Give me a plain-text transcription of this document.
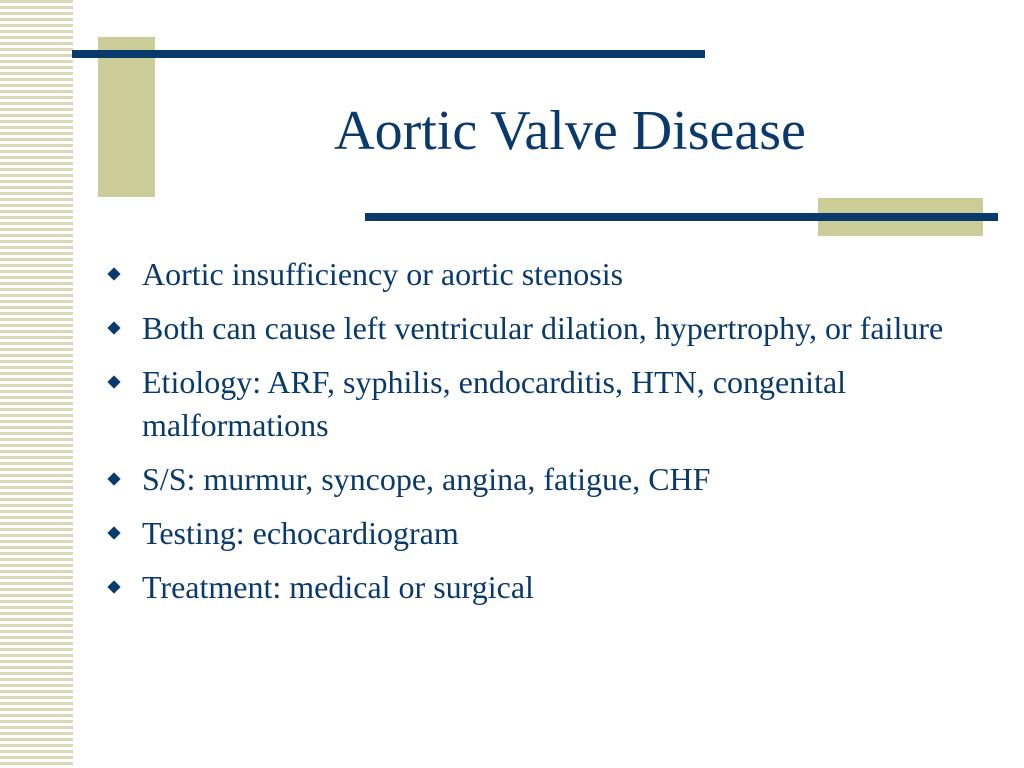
Aortic Valve Disease
Aortic insufficiency or aortic stenosis
Both can cause left ventricular dilation, hypertrophy, or failure
Etiology: ARF, syphilis, endocarditis, HTN, congenital malformations
S/S: murmur, syncope, angina, fatigue, CHF
Testing: echocardiogram
Treatment: medical or surgical
